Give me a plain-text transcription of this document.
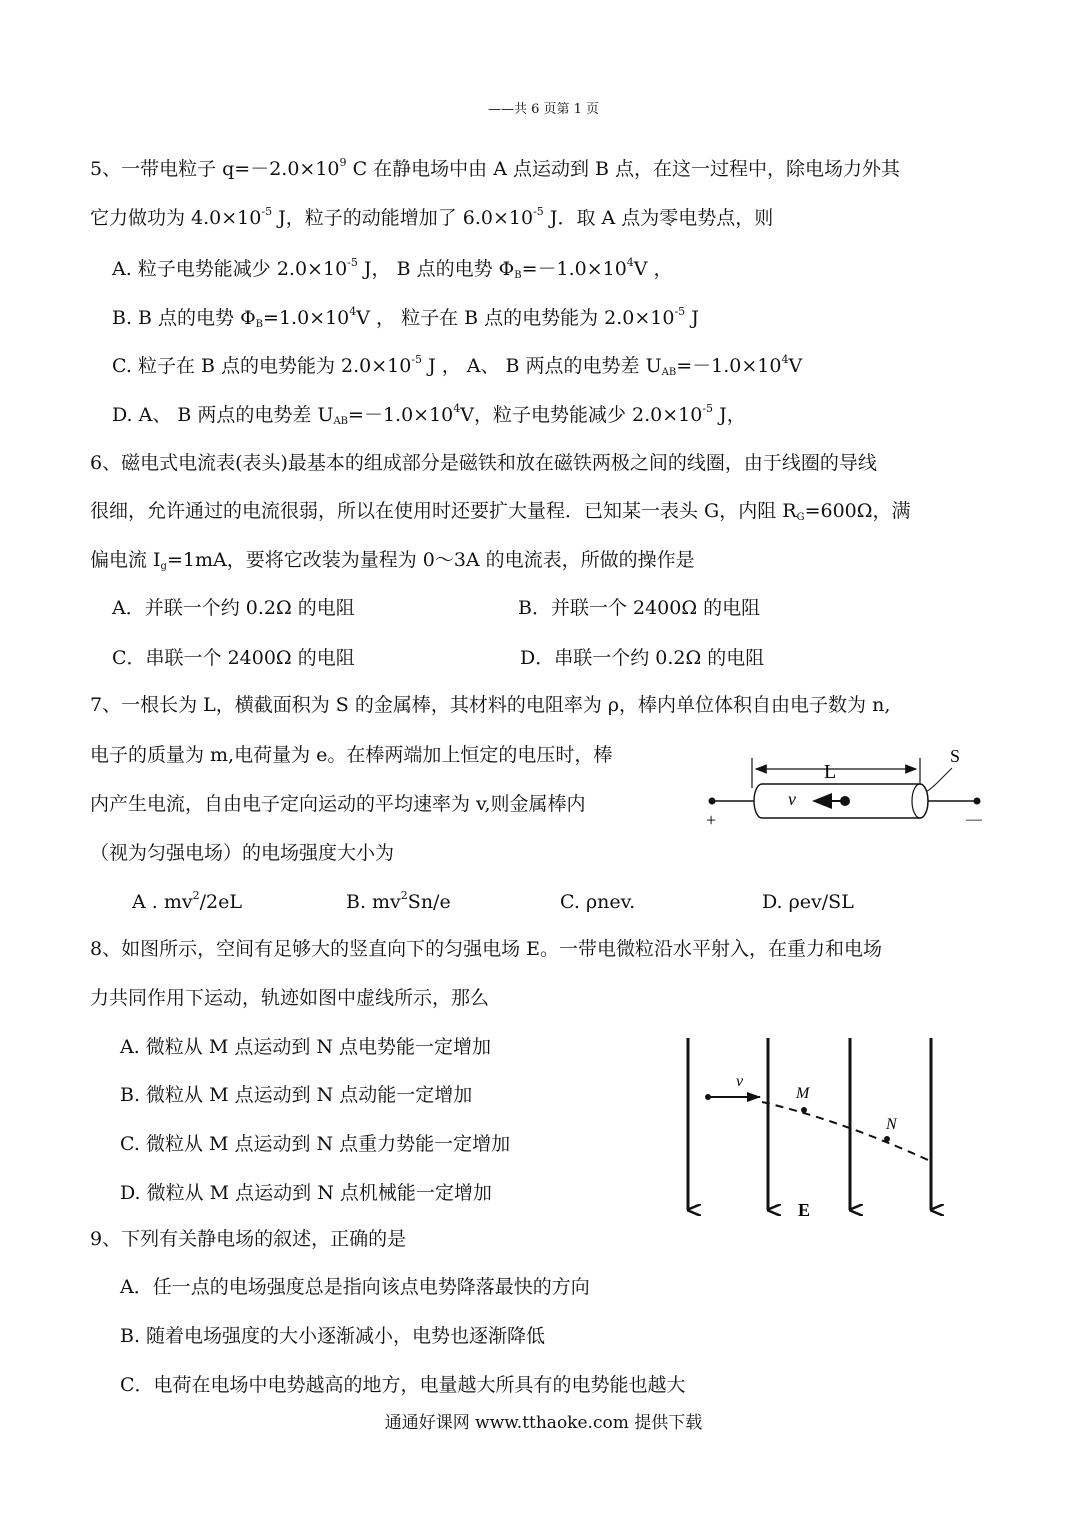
——共 6 页第 1 页
5、一带电粒子 $q=-2.0\times 10^9$ C 在静电场中由 A 点运动到 B 点，在这一过程中，除电场力外其
它力做功为 $4.0\times 10^{-5}$ J，粒子的动能增加了 $6.0\times 10^{-5}$ J．取 A 点为零电势点，则
A. 粒子电势能减少 $2.0\times 10^{-5}$ J， B 点的电势 $\Phi_B=-1.0\times 10^4V$ ，
B. B 点的电势 $\Phi_B=1.0\times 10^4V$ ， 粒子在 B 点的电势能为 $2.0\times 10^{-5}$ J
C. 粒子在 B 点的电势能为 $2.0\times 10^{-5}$ J ， A、 B 两点的电势差 $U_{AB}=-1.0\times 10^4V$
D. A、 B 两点的电势差 $U_{AB}=-1.0\times 10^4V$，粒子电势能减少 $2.0\times 10^{-5}$ J，
6、磁电式电流表(表头)最基本的组成部分是磁铁和放在磁铁两极之间的线圈，由于线圈的导线
很细，允许通过的电流很弱，所以在使用时还要扩大量程．已知某一表头 G，内阻 $R_G=600\Omega$，满
偏电流 $I_g=1mA$，要将它改装为量程为 0～3A 的电流表，所做的操作是
A．并联一个约 0.2Ω 的电阻	B．并联一个 2400Ω 的电阻
C．串联一个 2400Ω 的电阻	D．串联一个约 0.2Ω 的电阻
7、一根长为 L，横截面积为 S 的金属棒，其材料的电阻率为 ρ，棒内单位体积自由电子数为 n,
电子的质量为 m,电荷量为 e。在棒两端加上恒定的电压时，棒
内产生电流，自由电子定向运动的平均速率为 v,则金属棒内
（视为匀强电场）的电场强度大小为
A . $mv^2/2eL$	B. $mv^2Sn/e$	C. ρnev.	D. ρev/SL
L
S
v
+	—
8、如图所示，空间有足够大的竖直向下的匀强电场 E。一带电微粒沿水平射入，在重力和电场
力共同作用下运动，轨迹如图中虚线所示，那么
A. 微粒从 M 点运动到 N 点电势能一定增加
B. 微粒从 M 点运动到 N 点动能一定增加
C. 微粒从 M 点运动到 N 点重力势能一定增加
D. 微粒从 M 点运动到 N 点机械能一定增加
v
M
N
E
9、下列有关静电场的叙述，正确的是
A．任一点的电场强度总是指向该点电势降落最快的方向
B. 随着电场强度的大小逐渐减小，电势也逐渐降低
C．电荷在电场中电势越高的地方，电量越大所具有的电势能也越大
通通好课网 www.tthaoke.com 提供下载
